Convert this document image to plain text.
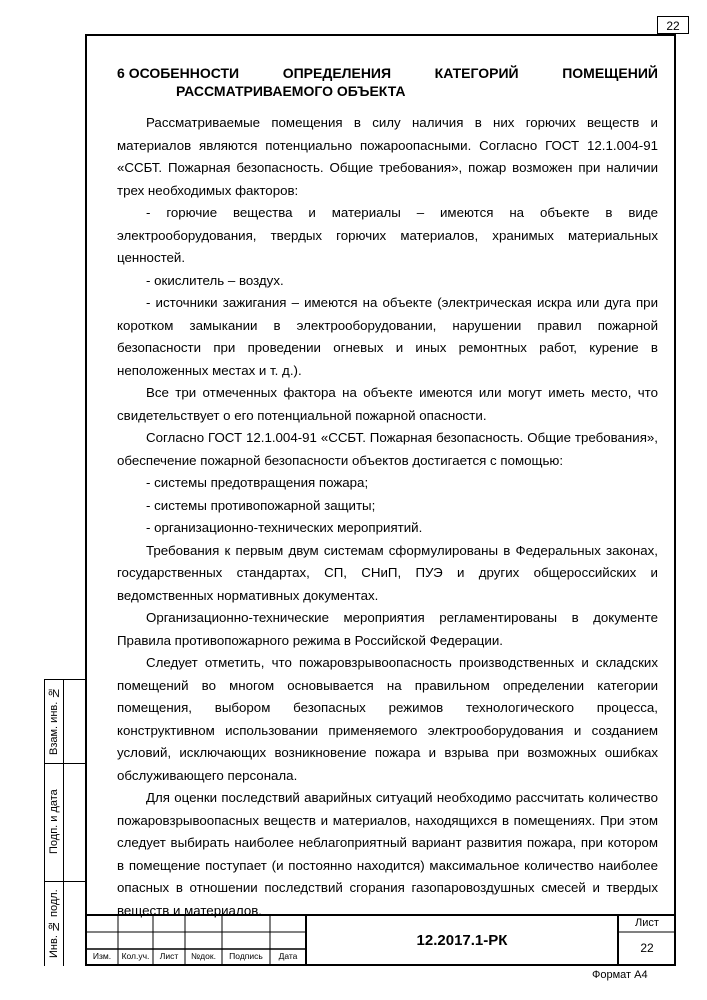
22
Взам. инв. №
Подп. и дата
Инв. № подл.
6 ОСОБЕННОСТИ	ОПРЕДЕЛЕНИЯ	КАТЕГОРИЙ	ПОМЕЩЕНИЙ
РАССМАТРИВАЕМОГО ОБЪЕКТА

Рассматриваемые помещения в силу наличия в них горючих веществ и материалов являются потенциально пожароопасными. Согласно ГОСТ 12.1.004-91 «ССБТ. Пожарная безопасность. Общие требования», пожар возможен при наличии трех необходимых факторов:

- горючие вещества и материалы – имеются на объекте в виде электрооборудования, твердых горючих материалов, хранимых материальных ценностей.

- окислитель – воздух.

- источники зажигания – имеются на объекте (электрическая искра или дуга при коротком замыкании в электрооборудовании, нарушении правил пожарной безопасности при проведении огневых и иных ремонтных работ, курение в неположенных местах и т. д.).

Все три отмеченных фактора на объекте имеются или могут иметь место, что свидетельствует о его потенциальной пожарной опасности.

Согласно ГОСТ 12.1.004-91 «ССБТ. Пожарная безопасность. Общие требования», обеспечение пожарной безопасности объектов достигается с помощью:

- системы предотвращения пожара;

- системы противопожарной защиты;

- организационно-технических мероприятий.

Требования к первым двум системам сформулированы в Федеральных законах, государственных стандартах, СП, СНиП, ПУЭ и других общероссийских и ведомственных нормативных документах.

Организационно-технические мероприятия регламентированы в документе Правила противопожарного режима в Российской Федерации.

Следует отметить, что пожаровзрывоопасность производственных и складских помещений во многом основывается на правильном определении категории помещения, выбором безопасных режимов технологического процесса, конструктивном использовании применяемого электрооборудования и созданием условий, исключающих возникновение пожара и взрыва при возможных ошибках обслуживающего персонала.

Для оценки последствий аварийных ситуаций необходимо рассчитать количество пожаровзрывоопасных веществ и материалов, находящихся в помещениях. При этом следует выбирать наиболее неблагоприятный вариант развития пожара, при котором в помещение поступает (и постоянно находится) максимальное количество наиболее опасных в отношении последствий сгорания газопаровоздушных смесей и твердых веществ и материалов.

Изм.	Кол.уч.	Лист	№док.	Подпись	Дата
Лист
22
12.2017.1-РК
Формат А4
